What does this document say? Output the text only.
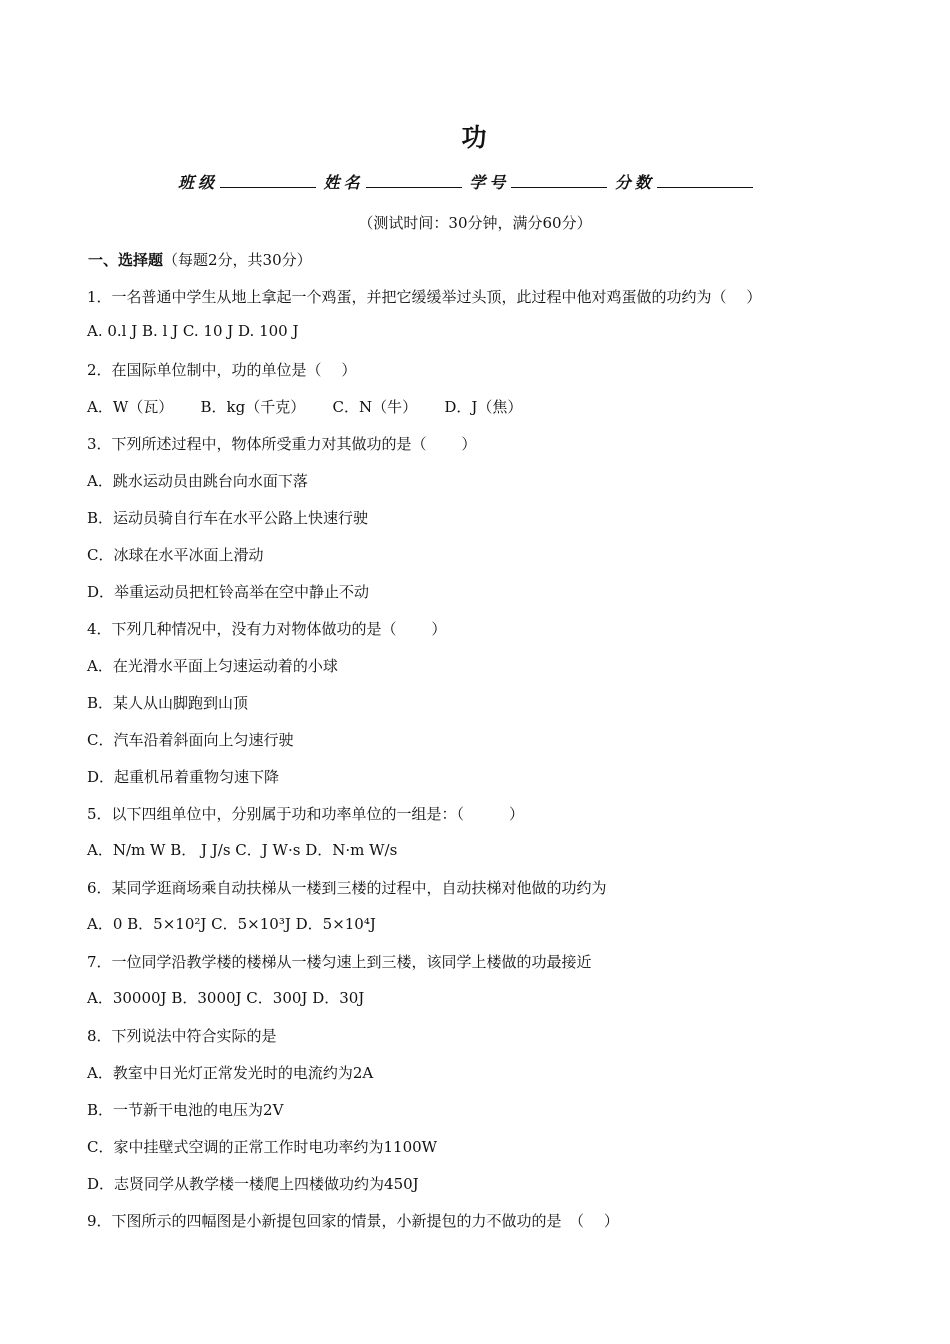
功
班级	姓名	学号	分数
（测试时间：30分钟，满分60分）
一、选择题（每题2分，共30分）
1．一名普通中学生从地上拿起一个鸡蛋，并把它缓缓举过头顶，此过程中他对鸡蛋做的功约为（　 ）
A. 0.l J B. l J C. 10 J D. 100 J
2．在国际单位制中，功的单位是（　 ）
A．W（瓦）　　 B．kg（千克）　　 C．N（牛）　　 D．J（焦）
3．下列所述过程中，物体所受重力对其做功的是（　　 ）
A．跳水运动员由跳台向水面下落
B．运动员骑自行车在水平公路上快速行驶
C．冰球在水平冰面上滑动
D．举重运动员把杠铃高举在空中静止不动
4．下列几种情况中，没有力对物体做功的是（　　 ）
A．在光滑水平面上匀速运动着的小球
B．某人从山脚跑到山顶
C．汽车沿着斜面向上匀速行驶
D．起重机吊着重物匀速下降
5．以下四组单位中，分别属于功和功率单位的一组是：（　　　）
A．N/m W B． J J/s C．J W·s D．N·m W/s
6．某同学逛商场乘自动扶梯从一楼到三楼的过程中，自动扶梯对他做的功约为
A．0 B．5×10²J C．5×10³J D．5×10⁴J
7．一位同学沿教学楼的楼梯从一楼匀速上到三楼，该同学上楼做的功最接近
A．30000J B．3000J C．300J D．30J
8．下列说法中符合实际的是
A．教室中日光灯正常发光时的电流约为2A
B．一节新干电池的电压为2V
C．家中挂壁式空调的正常工作时电功率约为1100W
D．志贤同学从教学楼一楼爬上四楼做功约为450J
9．下图所示的四幅图是小新提包回家的情景，小新提包的力不做功的是　（　 ）
